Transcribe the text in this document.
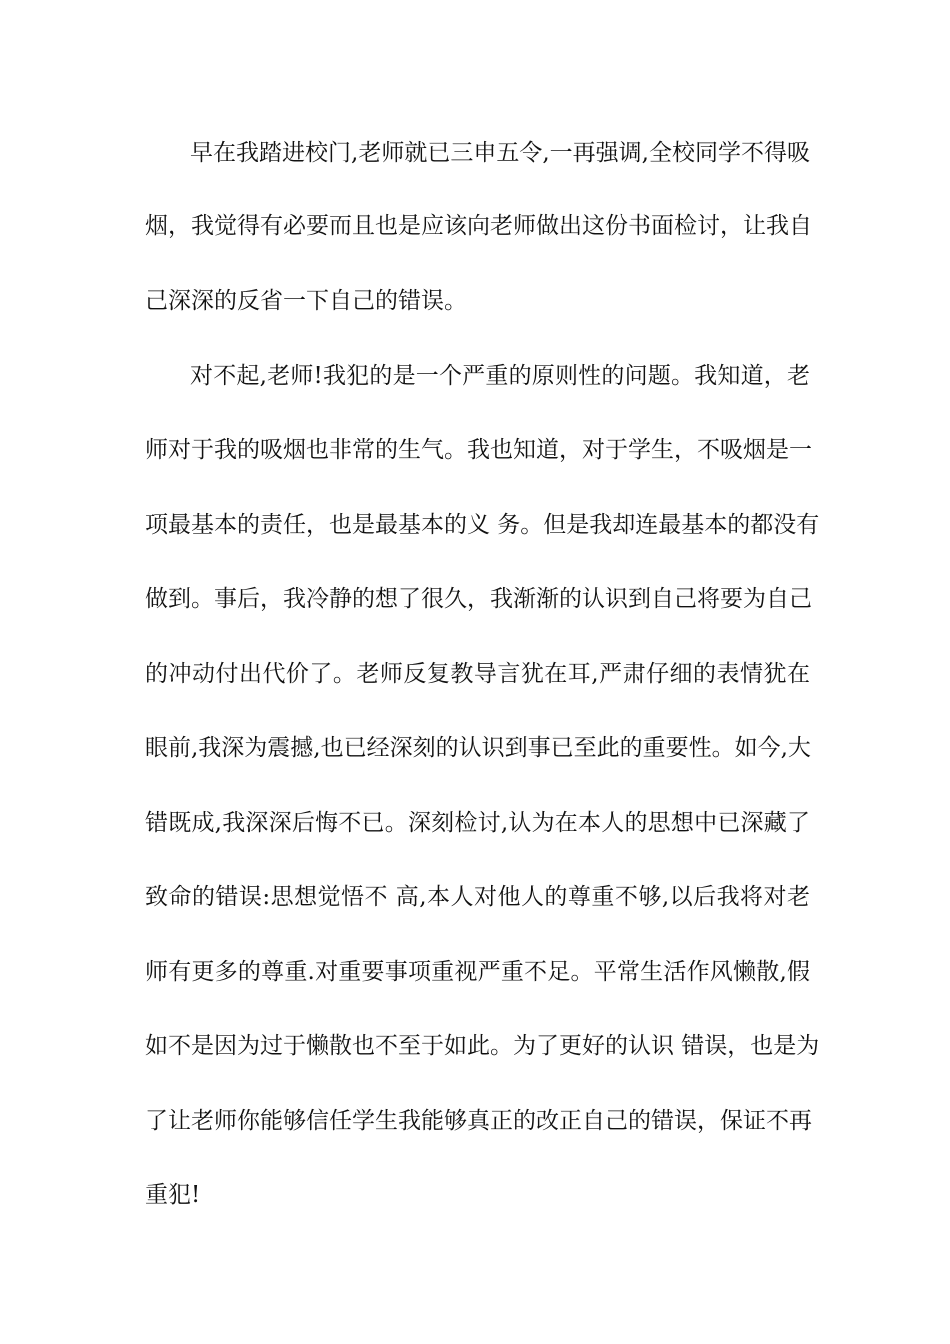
早在我踏进校门,老师就已三申五令,一再强调,全校同学不得吸
烟，我觉得有必要而且也是应该向老师做出这份书面检讨，让我自
己深深的反省一下自己的错误。
对不起,老师!我犯的是一个严重的原则性的问题。我知道，老
师对于我的吸烟也非常的生气。我也知道，对于学生，不吸烟是一
项最基本的责任，也是最基本的义 务。但是我却连最基本的都没有
做到。事后，我冷静的想了很久，我渐渐的认识到自己将要为自己
的冲动付出代价了。老师反复教导言犹在耳,严肃仔细的表情犹在
眼前,我深为震撼,也已经深刻的认识到事已至此的重要性。如今,大
错既成,我深深后悔不已。深刻检讨,认为在本人的思想中已深藏了
致命的错误:思想觉悟不 高,本人对他人的尊重不够,以后我将对老
师有更多的尊重.对重要事项重视严重不足。平常生活作风懒散,假
如不是因为过于懒散也不至于如此。为了更好的认识 错误，也是为
了让老师你能够信任学生我能够真正的改正自己的错误，保证不再
重犯!
